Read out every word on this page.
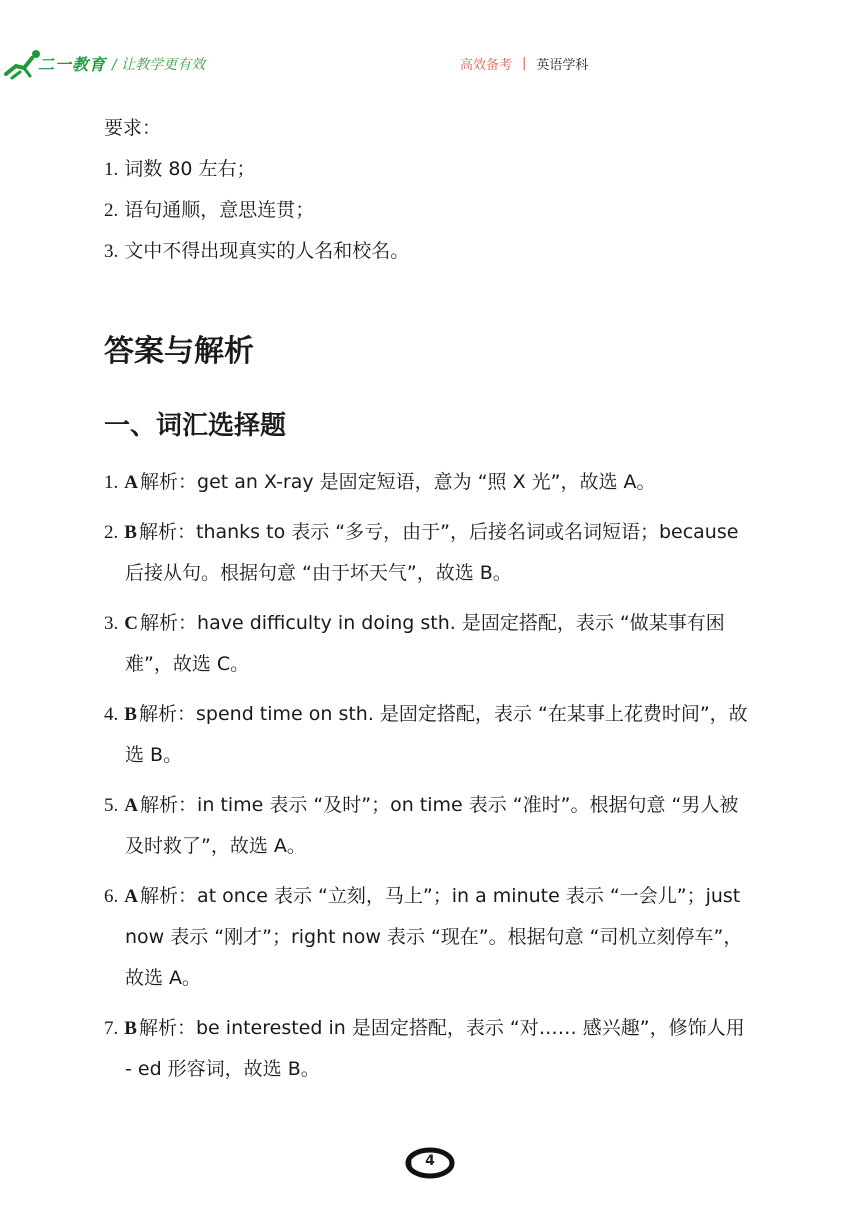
二一教育 / 让教学更有效	高效备考 | 英语学科
要求：
1. 词数 80 左右；
2. 语句通顺，意思连贯；
3. 文中不得出现真实的人名和校名。
答案与解析
一、词汇选择题
1. A 解析：get an X-ray 是固定短语，意为 “照 X 光”，故选 A。
2. B 解析：thanks to 表示 “多亏，由于”，后接名词或名词短语；because 后接从句。根据句意 “由于坏天气”，故选 B。
3. C 解析：have difficulty in doing sth. 是固定搭配，表示 “做某事有困难”，故选 C。
4. B 解析：spend time on sth. 是固定搭配，表示 “在某事上花费时间”，故选 B。
5. A 解析：in time 表示 “及时”；on time 表示 “准时”。根据句意 “男人被及时救了”，故选 A。
6. A 解析：at once 表示 “立刻，马上”；in a minute 表示 “一会儿”；just now 表示 “刚才”；right now 表示 “现在”。根据句意 “司机立刻停车”，故选 A。
7. B 解析：be interested in 是固定搭配，表示 “对…… 感兴趣”，修饰人用 - ed 形容词，故选 B。
4
